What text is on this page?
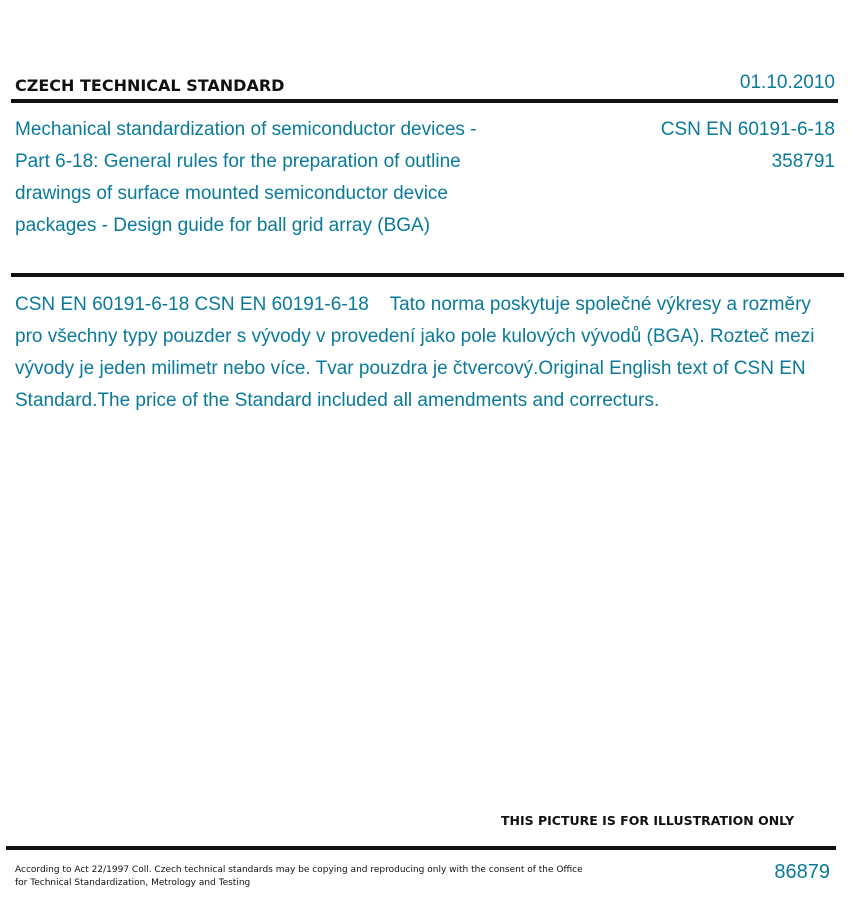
CZECH TECHNICAL STANDARD	01.10.2010

Mechanical standardization of semiconductor devices - Part 6-18: General rules for the preparation of outline drawings of surface mounted semiconductor device packages - Design guide for ball grid array (BGA)

CSN EN 60191-6-18
358791

CSN EN 60191-6-18 CSN EN 60191-6-18    Tato norma poskytuje společné výkresy a rozměry pro všechny typy pouzder s vývody v provedení jako pole kulových vývodů (BGA). Rozteč mezi vývody je jeden milimetr nebo více. Tvar pouzdra je čtvercový.Original English text of CSN EN Standard.The price of the Standard included all amendments and correcturs.

THIS PICTURE IS FOR ILLUSTRATION ONLY
According to Act 22/1997 Coll. Czech technical standards may be copying and reproducing only with the consent of the Office
for Technical Standardization, Metrology and Testing	86879
